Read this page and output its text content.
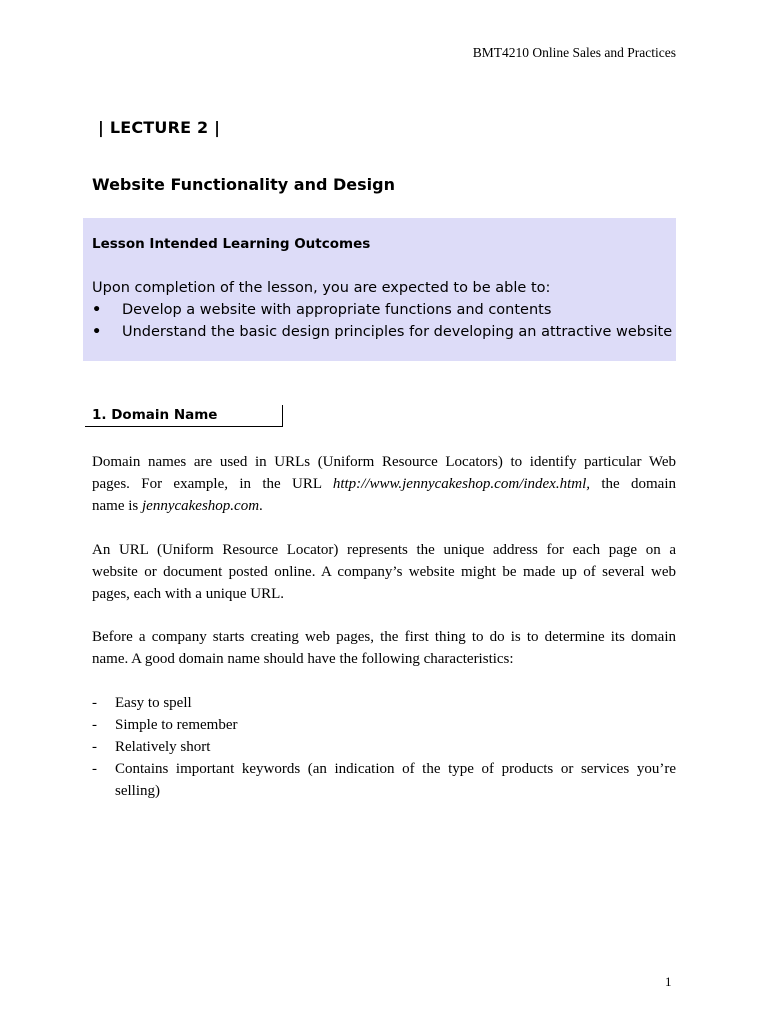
BMT4210 Online Sales and Practices
| LECTURE 2 |
Website Functionality and Design
Lesson Intended Learning Outcomes
Upon completion of the lesson, you are expected to be able to:
•	Develop a website with appropriate functions and contents
•	Understand the basic design principles for developing an attractive website
1. Domain Name
Domain names are used in URLs (Uniform Resource Locators) to identify particular Web
pages. For example, in the URL http://www.jennycakeshop.com/index.html, the domain
name is jennycakeshop.com.
An URL (Uniform Resource Locator) represents the unique address for each page on a
website or document posted online. A company’s website might be made up of several web
pages, each with a unique URL.
Before a company starts creating web pages, the first thing to do is to determine its domain
name. A good domain name should have the following characteristics:
-	Easy to spell
-	Simple to remember
-	Relatively short
-	Contains important keywords (an indication of the type of products or services you’re selling)
1
